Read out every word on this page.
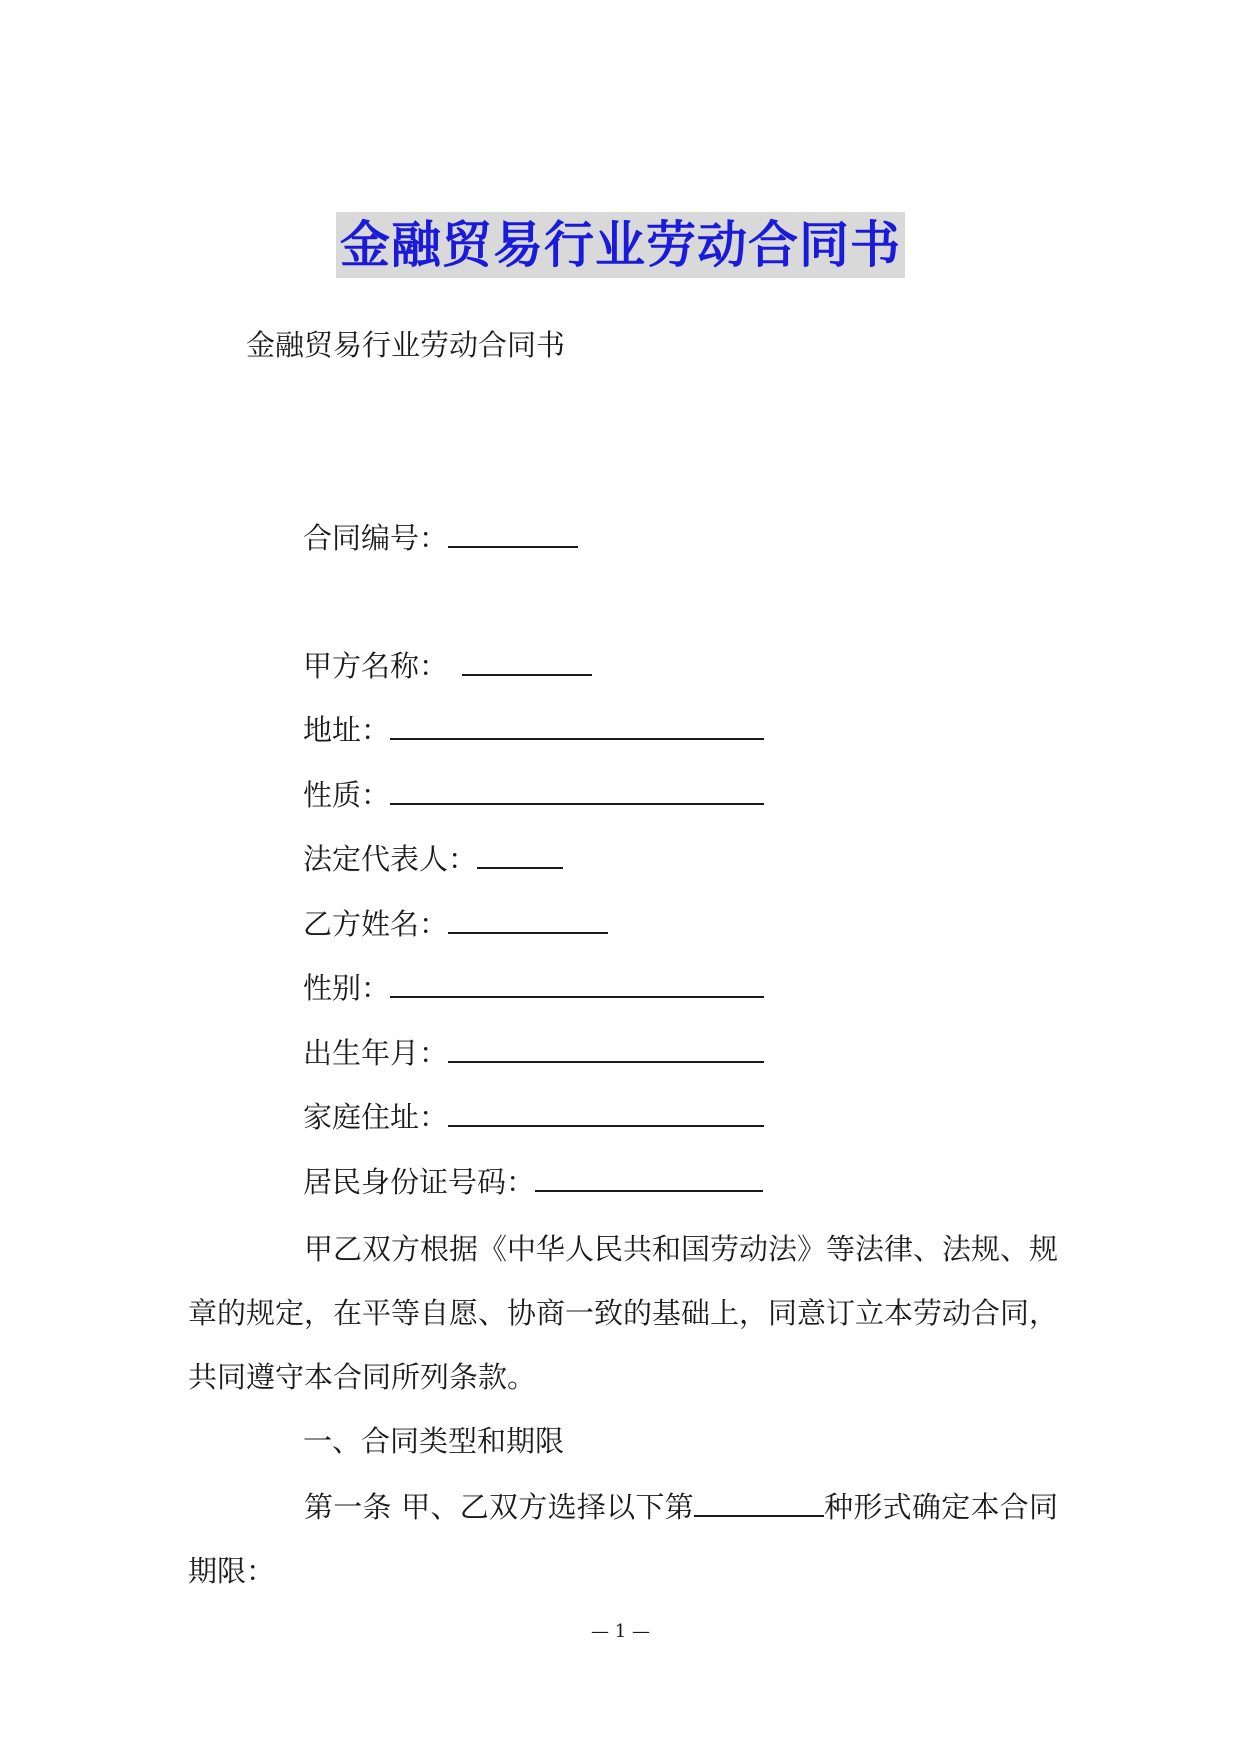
金融贸易行业劳动合同书
金融贸易行业劳动合同书
合同编号：
甲方名称：
地址：
性质：
法定代表人：
乙方姓名：
性别：
出生年月：
家庭住址：
居民身份证号码：
甲乙双方根据《中华人民共和国劳动法》等法律、法规、规章的规定，在平等自愿、协商一致的基础上，同意订立本劳动合同，共同遵守本合同所列条款。
一、合同类型和期限
第一条 甲、乙双方选择以下第	种形式确定本合同期限：
— 1 —
